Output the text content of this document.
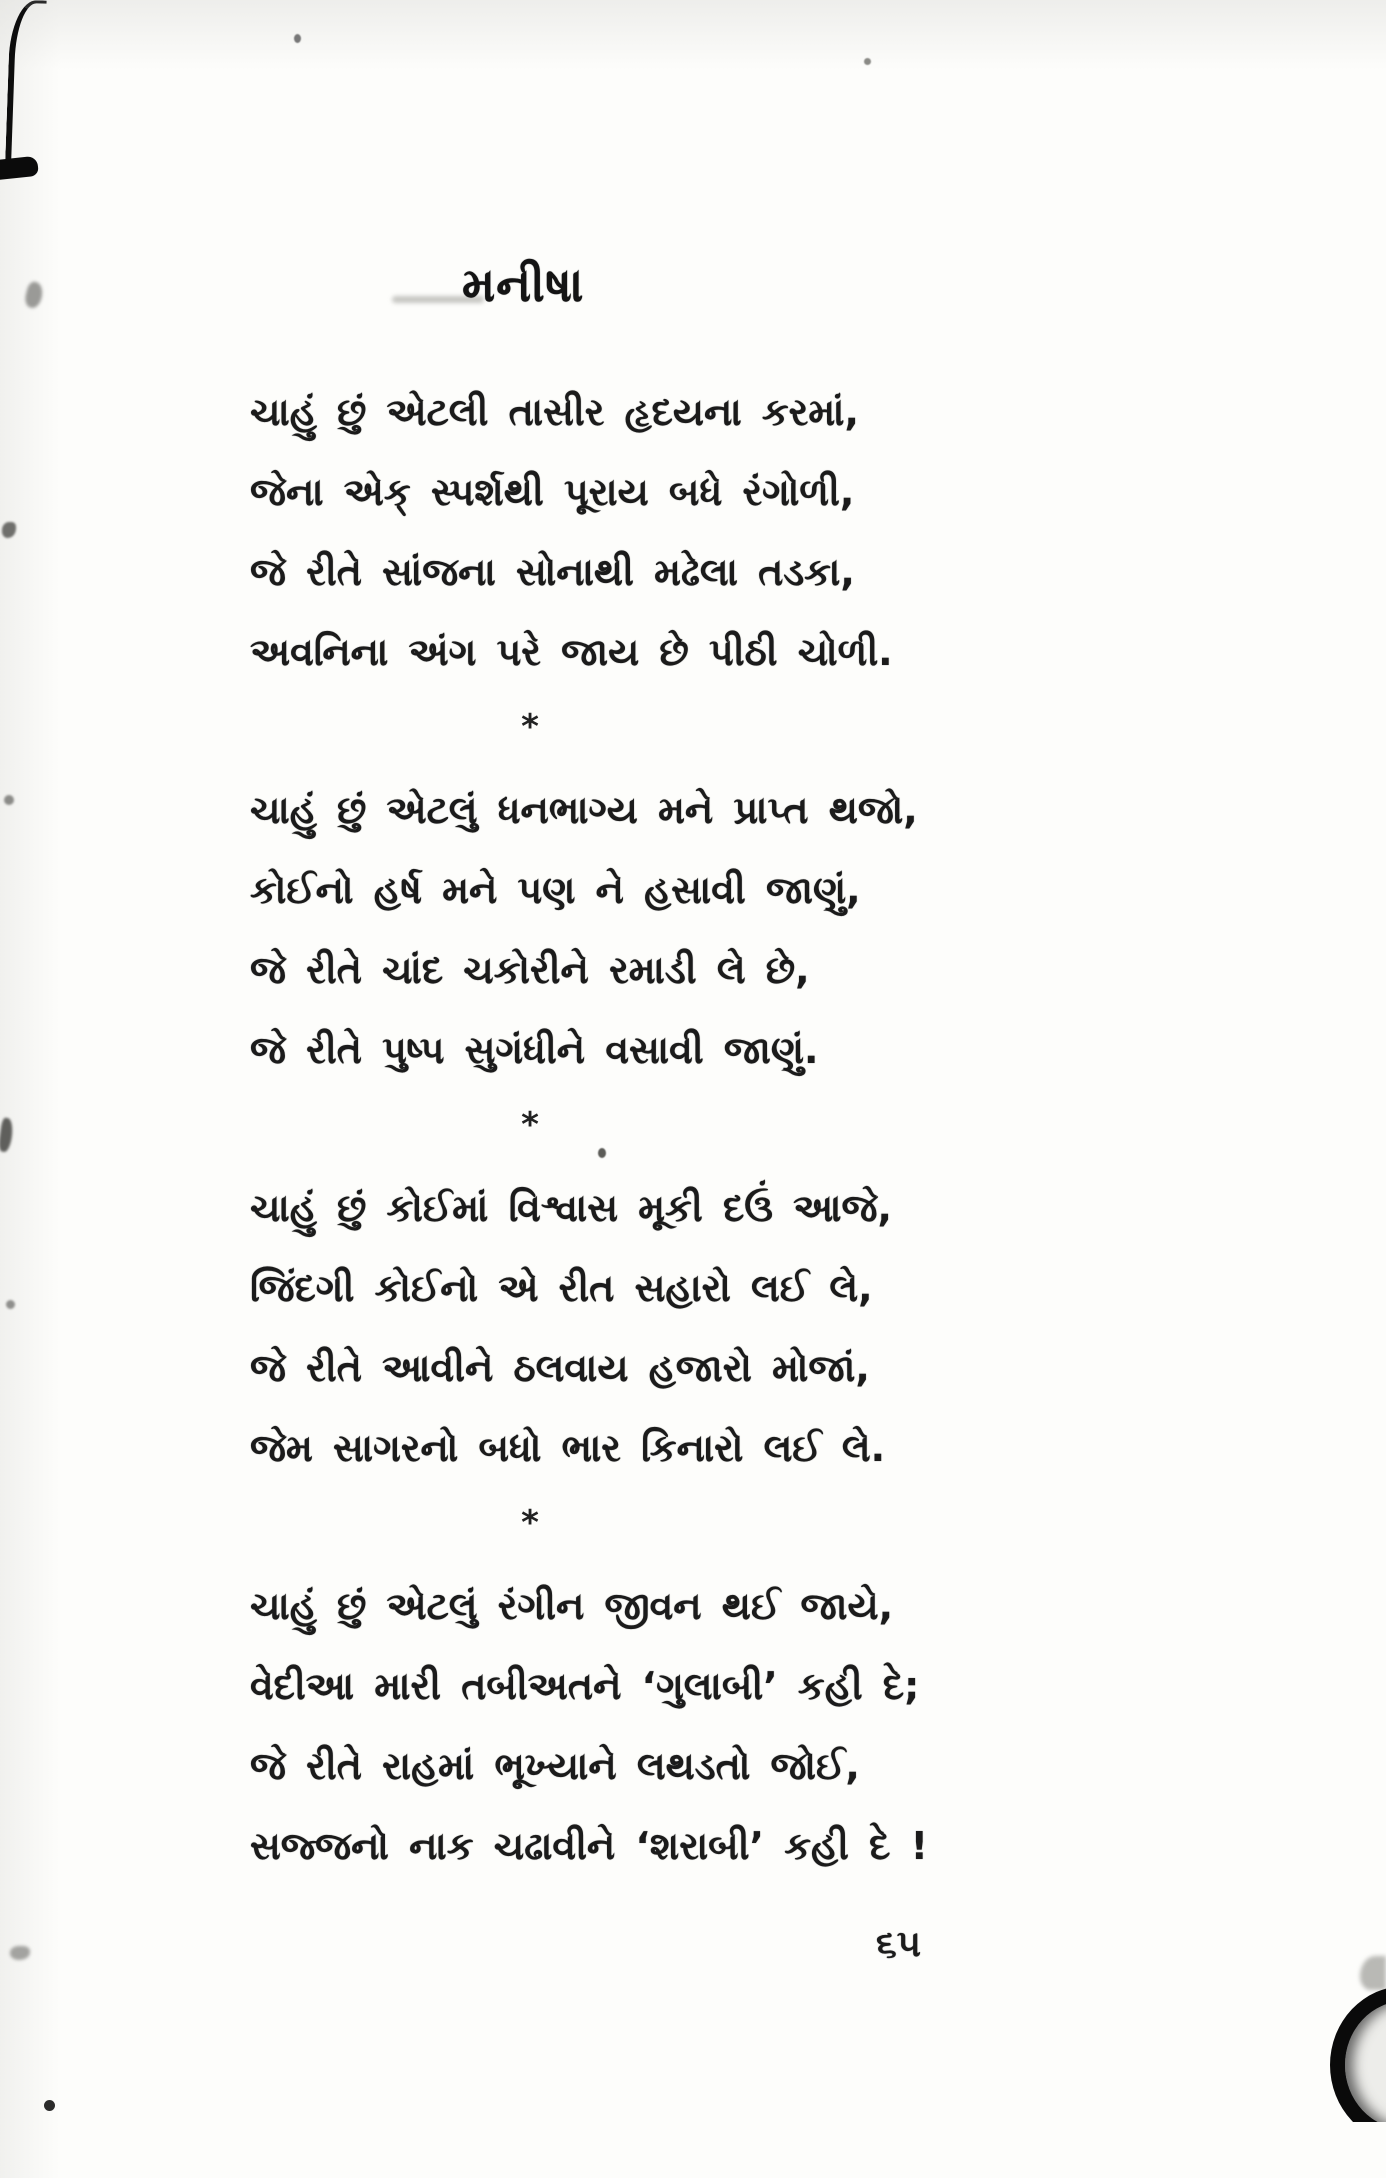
મનીષા

ચાહું છું એટલી તાસીર હૃદયના કરમાં,

જેના એક્ સ્પર્શથી પૂરાય બધે રંગોળી,

જે રીતે સાંજના સોનાથી મઢેલા તડકા,

અવનિના અંગ પરે જાય છે પીઠી ચોળી.

*

ચાહું છું એટલું ધનભાગ્ય મને પ્રાપ્ત થજો,

કોઈનો હર્ષ મને પણ ને હસાવી જાણું,

જે રીતે ચાંદ ચકોરીને રમાડી લે છે,

જે રીતે પુષ્પ સુગંધીને વસાવી જાણું.

*

ચાહું છું કોઈમાં વિશ્વાસ મૂકી દઉં આજે,

જિંદગી કોઈનો એ રીત સહારો લઈ લે,

જે રીતે આવીને ઠલવાય હજારો મોજાં,

જેમ સાગરનો બધો ભાર કિનારો લઈ લે.

*

ચાહું છું એટલું રંગીન જીવન થઈ જાયે,

વેદીઆ મારી તબીઅતને ‘ગુલાબી’ કહી દે;

જે રીતે રાહમાં ભૂખ્યાને લથડતો જોઈ,

સજ્જનો નાક ચઢાવીને ‘શરાબી’ કહી દે !

૬૫
